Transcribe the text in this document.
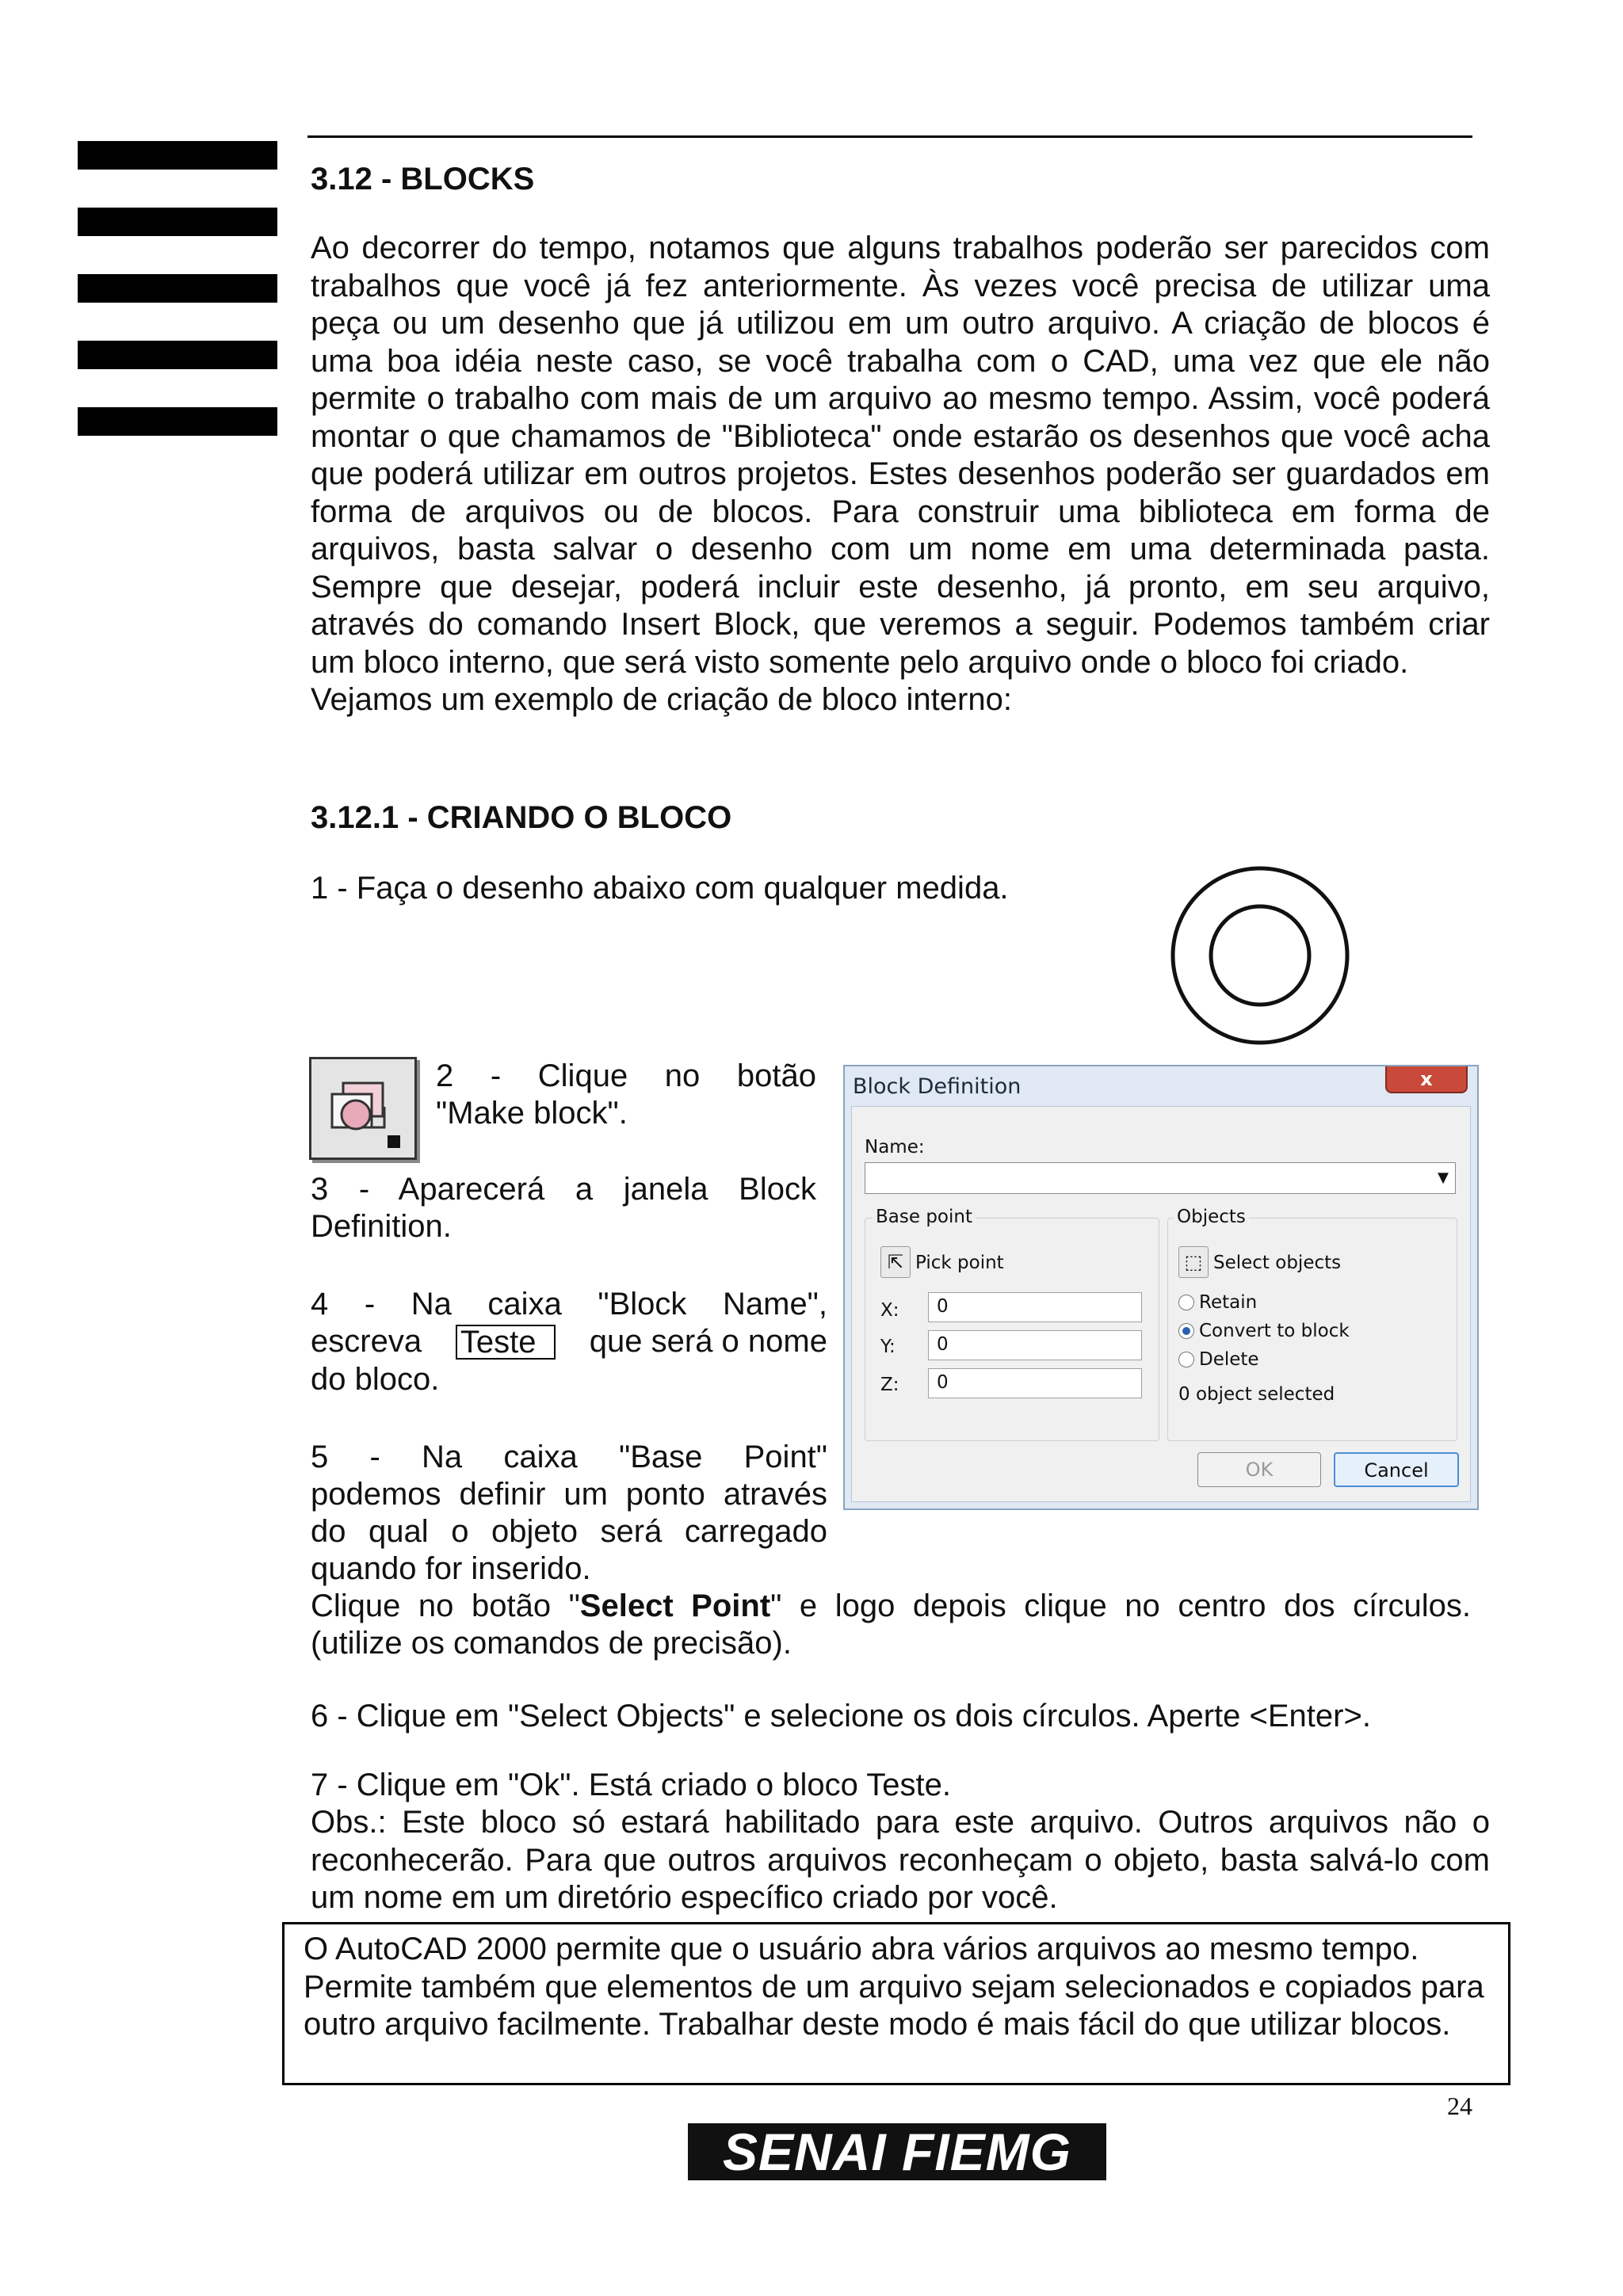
3.12 - BLOCKS

Ao decorrer do tempo, notamos que alguns trabalhos poderão ser parecidos com trabalhos que você já fez anteriormente. Às vezes você precisa de utilizar uma peça ou um desenho que já utilizou em um outro arquivo. A criação de blocos é uma boa idéia neste caso, se você trabalha com o CAD, uma vez que ele não permite o trabalho com mais de um arquivo ao mesmo tempo. Assim, você poderá montar o que chamamos de "Biblioteca" onde estarão os desenhos que você acha que poderá utilizar em outros projetos. Estes desenhos poderão ser guardados em forma de arquivos ou de blocos. Para construir uma biblioteca em forma de arquivos, basta salvar o desenho com um nome em uma determinada pasta. Sempre que desejar, poderá incluir este desenho, já pronto, em seu arquivo, através do comando Insert Block, que veremos a seguir. Podemos também criar um bloco interno, que será visto somente pelo arquivo onde o bloco foi criado.

Vejamos um exemplo de criação de bloco interno:

3.12.1 - CRIANDO O BLOCO
1 - Faça o desenho abaixo com qualquer medida.
2 - Clique no botão
"Make block".
3 - Aparecerá a janela Block
Definition.
4 - Na caixa "Block Name",
escreva Teste	que será o nome
do bloco.
5 - Na caixa "Base Point"
podemos definir um ponto através
do qual o objeto será carregado
quando for inserido.
Clique no botão "Select Point" e logo depois clique no centro dos círculos.
(utilize os comandos de precisão).
6 - Clique em "Select Objects" e selecione os dois círculos. Aperte <Enter>.
7 - Clique em "Ok". Está criado o bloco Teste.
Obs.: Este bloco só estará habilitado para este arquivo. Outros arquivos não o reconhecerão. Para que outros arquivos reconheçam o objeto, basta salvá-lo com um nome em um diretório específico criado por você.
Block Definition	x
Name:
▼
Base point
⇱ Pick point
X:	0
Y:	0
Z:	0
Objects
⬚ Select objects
Retain
Convert to block
Delete
0 object selected
OK	Cancel
O AutoCAD 2000 permite que o usuário abra vários arquivos ao mesmo tempo. Permite também que elementos de um arquivo sejam selecionados e copiados para outro arquivo facilmente. Trabalhar deste modo é mais fácil do que utilizar blocos.
24
SENAI FIEMG
